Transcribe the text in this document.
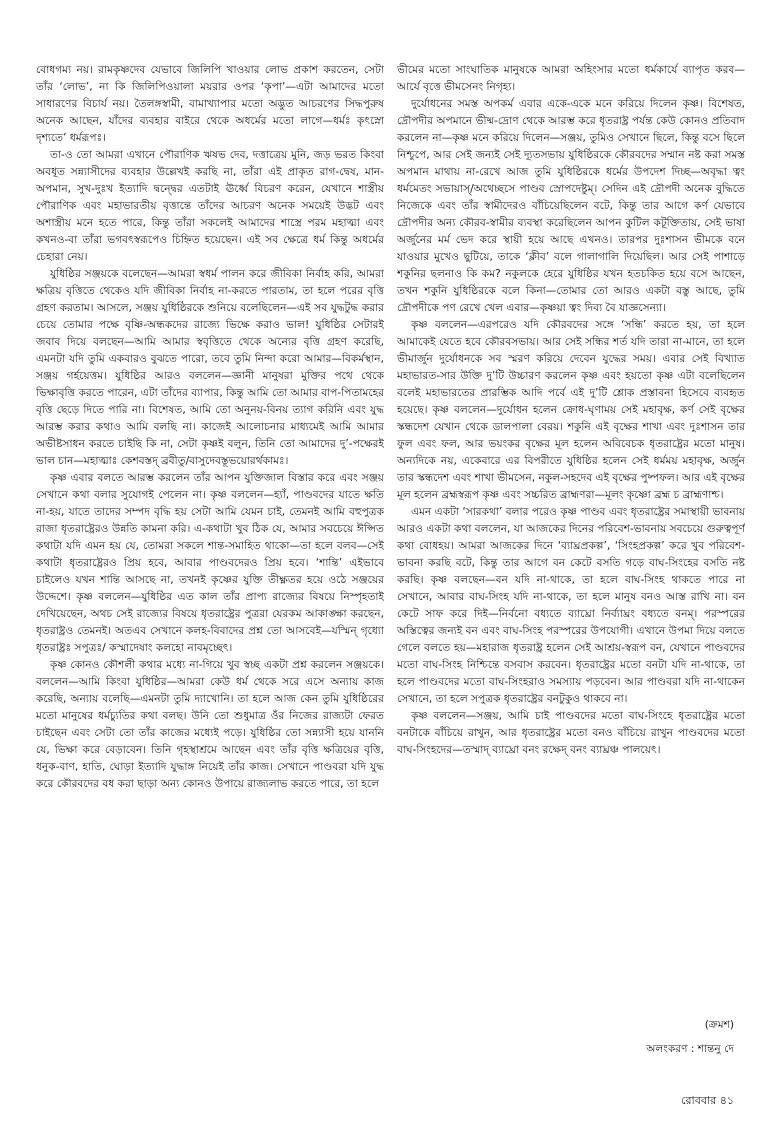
বোধগম্য নয়। রামকৃষ্ণদেব যেভাবে জিলিপি খাওয়ার লোভ প্রকাশ করতেন, সেটা তাঁর ‘লোভ’, না কি জিলিপিওয়ালা ময়রার ওপর ‘কৃপা’—এটা আমাদের মতো সাধারণের বিচার্য নয়। তৈলঙ্গস্বামী, বামাখ্যাপার মতো অদ্ভুত আচরণের সিদ্ধপুরুষ অনেক আছেন, যাঁদের ব্যবহার বাইরে থেকে অধর্মের মতো লাগে—ধর্মঃ কৃৎস্নো দৃশ্যতে’ ধর্মরূপঃ।

তা-ও তো আমরা এখানে পৌরাণিক ঋষভ দেব, দত্তাত্রেয় মুনি, জড় ভরত কিংবা অবধূত সন্ন্যাসীদের ব্যবহার উল্লেখই করছি না, তাঁরা এই প্রাকৃত রাগ-দ্বেষ, মান-অপমান, সুখ-দুঃখ ইত্যাদি দ্বন্দ্বের এতটাই ঊর্ধ্বে বিচরণ করেন, যেখানে শাস্ত্রীয় পৌরাণিক এবং মহাভারতীয় বৃত্তান্তে তাঁদের আচরণ অনেক সময়েই উদ্ভট এবং অশাস্ত্রীয় মনে হতে পারে, কিন্তু তাঁরা সকলেই আমাদের শাস্ত্রে পরম মহাত্মা এবং কখনও-বা তাঁরা ভগবৎস্বরূপেও চিহ্নিত হয়েছেন। এই সব ক্ষেত্রে ধর্ম কিন্তু অধর্মের চেহারা নেয়।

যুধিষ্ঠির সঞ্জয়কে বলেছেন—আমরা স্বধর্ম পালন করে জীবিকা নির্বাহ করি, আমরা ক্ষত্রিয় বৃত্তিতে থেকেও যদি জীবিকা নির্বাহ না-করতে পারতাম, তা হলে পরের বৃত্তি গ্রহণ করতাম। আসলে, সঞ্জয় যুধিষ্ঠিরকে শুনিয়ে বলেছিলেন—এই সব যুদ্ধটুদ্ধ করার চেয়ে তোমার পক্ষে বৃষ্ণি-অন্ধকদের রাজ্যে ভিক্ষে করাও ভাল! যুধিষ্ঠির সেটারই জবাব দিয়ে বলছেন—আমি আমার স্ববৃত্তিতে থেকে অন্যের বৃত্তি গ্রহণ করেছি, এমনটা যদি তুমি একবারও বুঝতে পারো, তবে তুমি নিন্দা করো আমার—বিকর্মস্থান, সঞ্জয় গর্হয়েত্তম। যুধিষ্ঠির আরও বললেন—জ্ঞানী মানুষরা মুক্তির পথে থেকে ভিক্ষাবৃত্তি করতে পারেন, এটা তাঁদের ব্যাপার, কিন্তু আমি তো আমার বাপ-পিতামহের বৃত্তি ছেড়ে দিতে পারি না। বিশেষত, আমি তো অনুনয়-বিনয় ত্যাগ করিনি এবং যুদ্ধ আরম্ভ করার কথাও আমি বলছি না। কাজেই আলোচনার মাধ্যমেই আমি আমার অভীষ্টসাধন করতে চাইছি কি না, সেটা কৃষ্ণই বলুন, তিনি তো আমাদের দু’-পক্ষেরই ভাল চান—মহাত্মাঃ কেশবস্তদ্ ব্রবীতু/বাসুদেবস্তূভয়োরর্থকামঃ।

কৃষ্ণ এবার বলতে আরম্ভ করলেন তাঁর আপন যুক্তিজাল বিস্তার করে এবং সঞ্জয় সেখানে কথা বলার সুযোগই পেলেন না। কৃষ্ণ বললেন—হ্যাঁ, পাণ্ডবদের যাতে ক্ষতি না-হয়, যাতে তাদের সম্পদ বৃদ্ধি হয় সেটা আমি যেমন চাই, তেমনই আমি বহুপুত্রক রাজা ধৃতরাষ্ট্রেরও উন্নতি কামনা করি। এ-কথাটা খুব ঠিক যে, আমার সবচেয়ে ঈপ্সিত কথাটা যদি এমন হয় যে, তোমরা সকলে শান্ত-সমাহিত থাকো—তা হলে বলব—সেই কথাটা ধৃতরাষ্ট্রেরও প্রিয় হবে, আবার পাণ্ডবদেরও প্রিয় হবে। ‘শান্তি’ এইভাবে চাইলেও যখন শান্তি আসছে না, তখনই কৃষ্ণের যুক্তি তীক্ষ্ণতর হয়ে ওঠে সঞ্জয়ের উদ্দেশে। কৃষ্ণ বললেন—যুধিষ্ঠির এত কাল তাঁর প্রাপ্য রাজ্যের বিষয়ে নিস্পৃহতাই দেখিয়েছেন, অথচ সেই রাজ্যের বিষয়ে ধৃতরাষ্ট্রের পুত্ররা যেরকম আকাঙ্ক্ষা করছেন, ধৃতরাষ্ট্রও তেমনই। অতএব সেখানে কলহ-বিবাদের প্রশ্ন তো আসবেই—যস্মিন্ গৃধ্যো ধৃতরাষ্ট্রঃ সপুত্রঃ/ কস্মাদেষাং কলহো নাবমৃচ্ছেৎ।

কৃষ্ণ কোনও কৌশলী কথার মধ্যে না-গিয়ে খুব স্বচ্ছ একটা প্রশ্ন করলেন সঞ্জয়কে। বললেন—আমি কিংবা যুধিষ্ঠির—আমরা কেউ ধর্ম থেকে সরে এসে অন্যায় কাজ করেছি, অন্যায় বলেছি—এমনটা তুমি দ্যাখোনি। তা হলে আজ কেন তুমি যুধিষ্ঠিরের মতো মানুষের ধর্মচ্যুতির কথা বলছ। উনি তো শুধুমাত্র ওঁর নিজের রাজ্যটা ফেরত চাইছেন এবং সেটা তো তাঁর কাজের মধ্যেই পড়ে। যুধিষ্ঠির তো সন্ন্যাসী হয়ে যাননি যে, ভিক্ষা করে বেড়াবেন। তিনি গৃহস্থাশ্রমে আছেন এবং তাঁর বৃত্তি ক্ষত্রিয়ের বৃত্তি, ধনুক-বাণ, হাতি, ঘোড়া ইত্যাদি যুদ্ধাঙ্গ নিয়েই তাঁর কাজ। সেখানে পাণ্ডবরা যদি যুদ্ধ করে কৌরবদের বধ করা ছাড়া অন্য কোনও উপায়ে রাজ্যলাভ করতে পারে, তা হলে

ভীমের মতো সাংঘাতিক মানুষকে আমরা অহিংসার মতো ধর্মকার্যে ব্যাপৃত করব—আর্যে বৃত্তে ভীমসেনং নিগৃহ্য।

দুর্যোধনের সমস্ত অপকর্ম এবার একে-একে মনে করিয়ে দিলেন কৃষ্ণ। বিশেষত, দ্রৌপদীর অপমানে ভীষ্ম-দ্রোণ থেকে আরম্ভ করে ধৃতরাষ্ট্র পর্যন্ত কেউ কোনও প্রতিবাদ করলেন না—কৃষ্ণ মনে করিয়ে দিলেন—সঞ্জয়, তুমিও সেখানে ছিলে, কিন্তু বসে ছিলে নিশ্চুপে, আর সেই জন্যই সেই দ্যূতসভায় যুধিষ্ঠিরকে কৌরবদের সম্মান নষ্ট করা সমস্ত অপমান মাথায় না-রেখে আজ তুমি যুধিষ্ঠিরকে ধর্মের উপদেশ দিচ্ছ—অবৃদ্ধা ত্বং ধর্মমেতং সভায়াস্/অথেচ্ছসে পাণ্ডব স্রোপদেষ্টুম্। সেদিন এই দ্রৌপদী অনেক বুদ্ধিতে নিজেকে এবং তাঁর স্বামীদেরও বাঁচিয়েছিলেন বটে, কিন্তু তার আগে কর্ণ যেভাবে দ্রৌপদীর অন্য কৌরব-স্বামীর ব্যবস্থা করেছিলেন আপন কুটিল কটূক্তিতায়, সেই ভাষা অর্জুনের মর্ম ভেদ করে স্থায়ী হয়ে আছে এখনও। তারপর দুঃশাসন ভীমকে বনে যাওয়ার মুখেও ছুটিয়ে, তাকে ‘ক্লীব’ বলে গালাগালি দিয়েছিল। আর সেই পাশাড়ে শকুনির ছলনাও কি কম? নকুলকে হেরে যুধিষ্ঠির যখন হতচকিত হয়ে বসে আছেন, তখন শকুনি যুধিষ্ঠিরকে বলে কিনা—তোমার তো আরও একটা বস্তু আছে, তুমি দ্রৌপদীকে পণ রেখে খেল এবার—কৃষ্ণয়া ত্বং দিব্য বৈ যাজ্ঞসেন্যা।

কৃষ্ণ বললেন—এরপরেও যদি কৌরবদের সঙ্গে ‘সন্ধি’ করতে হয়, তা হলে আমাকেই যেতে হবে কৌরবসভায়। আর সেই সন্ধির শর্ত যদি তারা না-মানে, তা হলে ভীমার্জুন দুর্যোধনকে সব স্মরণ করিয়ে দেবেন যুদ্ধের সময়। এবার সেই বিখ্যাত মহাভারত-সার উক্তি দু’টি উচ্চারণ করলেন কৃষ্ণ এবং হয়তো কৃষ্ণ এটা বলেছিলেন বলেই মহাভারতের প্রারম্ভিক আদি পর্বে এই দু’টি শ্লোক প্রস্তাবনা হিসেবে ব্যবহৃত হয়েছে। কৃষ্ণ বললেন—দুর্যোধন হলেন ক্রোধ-ঘৃণাময় সেই মহাবৃক্ষ, কর্ণ সেই বৃক্ষের স্কন্ধদেশ যেখান থেকে ডালপালা বেরয়। শকুনি এই বৃক্ষের শাখা এবং দুঃশাসন তার ফুল এবং ফল, আর ভয়ংকর বৃক্ষের মূল হলেন অবিবেচক ধৃতরাষ্ট্রের মতো মানুষ। অন্যদিকে নয়, একেবারে এর বিপরীতে যুধিষ্ঠির হলেন সেই ধর্মময় মহাবৃক্ষ, অর্জুন তার স্কন্ধদেশ এবং শাখা ভীমসেন, নকুল-সহদেব এই বৃক্ষের পুষ্পফল। আর এই বৃক্ষের মূল হলেন ব্রহ্মস্বরূপ কৃষ্ণ এবং সচ্চরিত ব্রাহ্মণরা—মূলং কৃষ্ণো ব্রহ্ম চ ব্রাহ্মণাশ্চ।

এমন একটা ‘সারকথা’ বলার পরেও কৃষ্ণ পাণ্ডব এবং ধৃতরাষ্ট্রের সমাস্থায়ী ভাবনায় আরও একটা কথা বললেন, যা আজকের দিনের পরিবেশ-ভাবনায় সবচেয়ে গুরুত্বপূর্ণ কথা বোধহয়। আমরা আজকের দিনে ‘ব্যাঘ্রপ্রকল্প’, ‘সিংহপ্রকল্প’ করে খুব পরিবেশ-ভাবনা করছি বটে, কিন্তু তার আগে বন কেটে বসতি গড়ে বাঘ-সিংহের বসতি নষ্ট করছি। কৃষ্ণ বলছেন—বন যদি না-থাকে, তা হলে বাঘ-সিংহ থাকতে পারে না সেখানে, আবার বাঘ-সিংহ যদি না-থাকে, তা হলে মানুষ বনও আস্ত রাখি না। বন কেটে সাফ করে দিই—নির্বনো বধ্যতে ব্যাঘ্রো নির্ব্যাঘ্রং বধ্যতে বনম্। পরস্পরের অস্তিত্বের জন্যই বন এবং বাঘ-সিংহ পরস্পরের উপযোগী। এখানে উপমা দিয়ে বলতে গেলে বলতে হয়—মহারাজ ধৃতরাষ্ট্র হলেন সেই আশ্রয়-স্বরূপ বন, যেখানে পাণ্ডবদের মতো বাঘ-সিংহ নিশ্চিন্তে বসবাস করবেন। ধৃতরাষ্ট্রের মতো বনটা যদি না-থাকে, তা হলে পাণ্ডবদের মতো বাঘ-সিংহরাও সমস্যায় পড়বেন। আর পাণ্ডবরা যদি না-থাকেন সেখানে, তা হলে সপুত্রক ধৃতরাষ্ট্রের বনটুকুও থাকবে না।

কৃষ্ণ বললেন—সঞ্জয়, আমি চাই পাণ্ডবদের মতো বাঘ-সিংহে ধৃতরাষ্ট্রের মতো বনটাকে বাঁচিয়ে রাখুন, আর ধৃতরাষ্ট্রের মতো বনও বাঁচিয়ে রাখুন পাণ্ডবদের মতো বাঘ-সিংহদের—তস্মাদ্ ব্যাঘ্রো বনং রক্ষেদ্ বনং ব্যাঘ্রঞ্চ পালয়েৎ।

(ক্রমশ)
অলংকরণ : শান্তনু দে
রোববার ৪১
